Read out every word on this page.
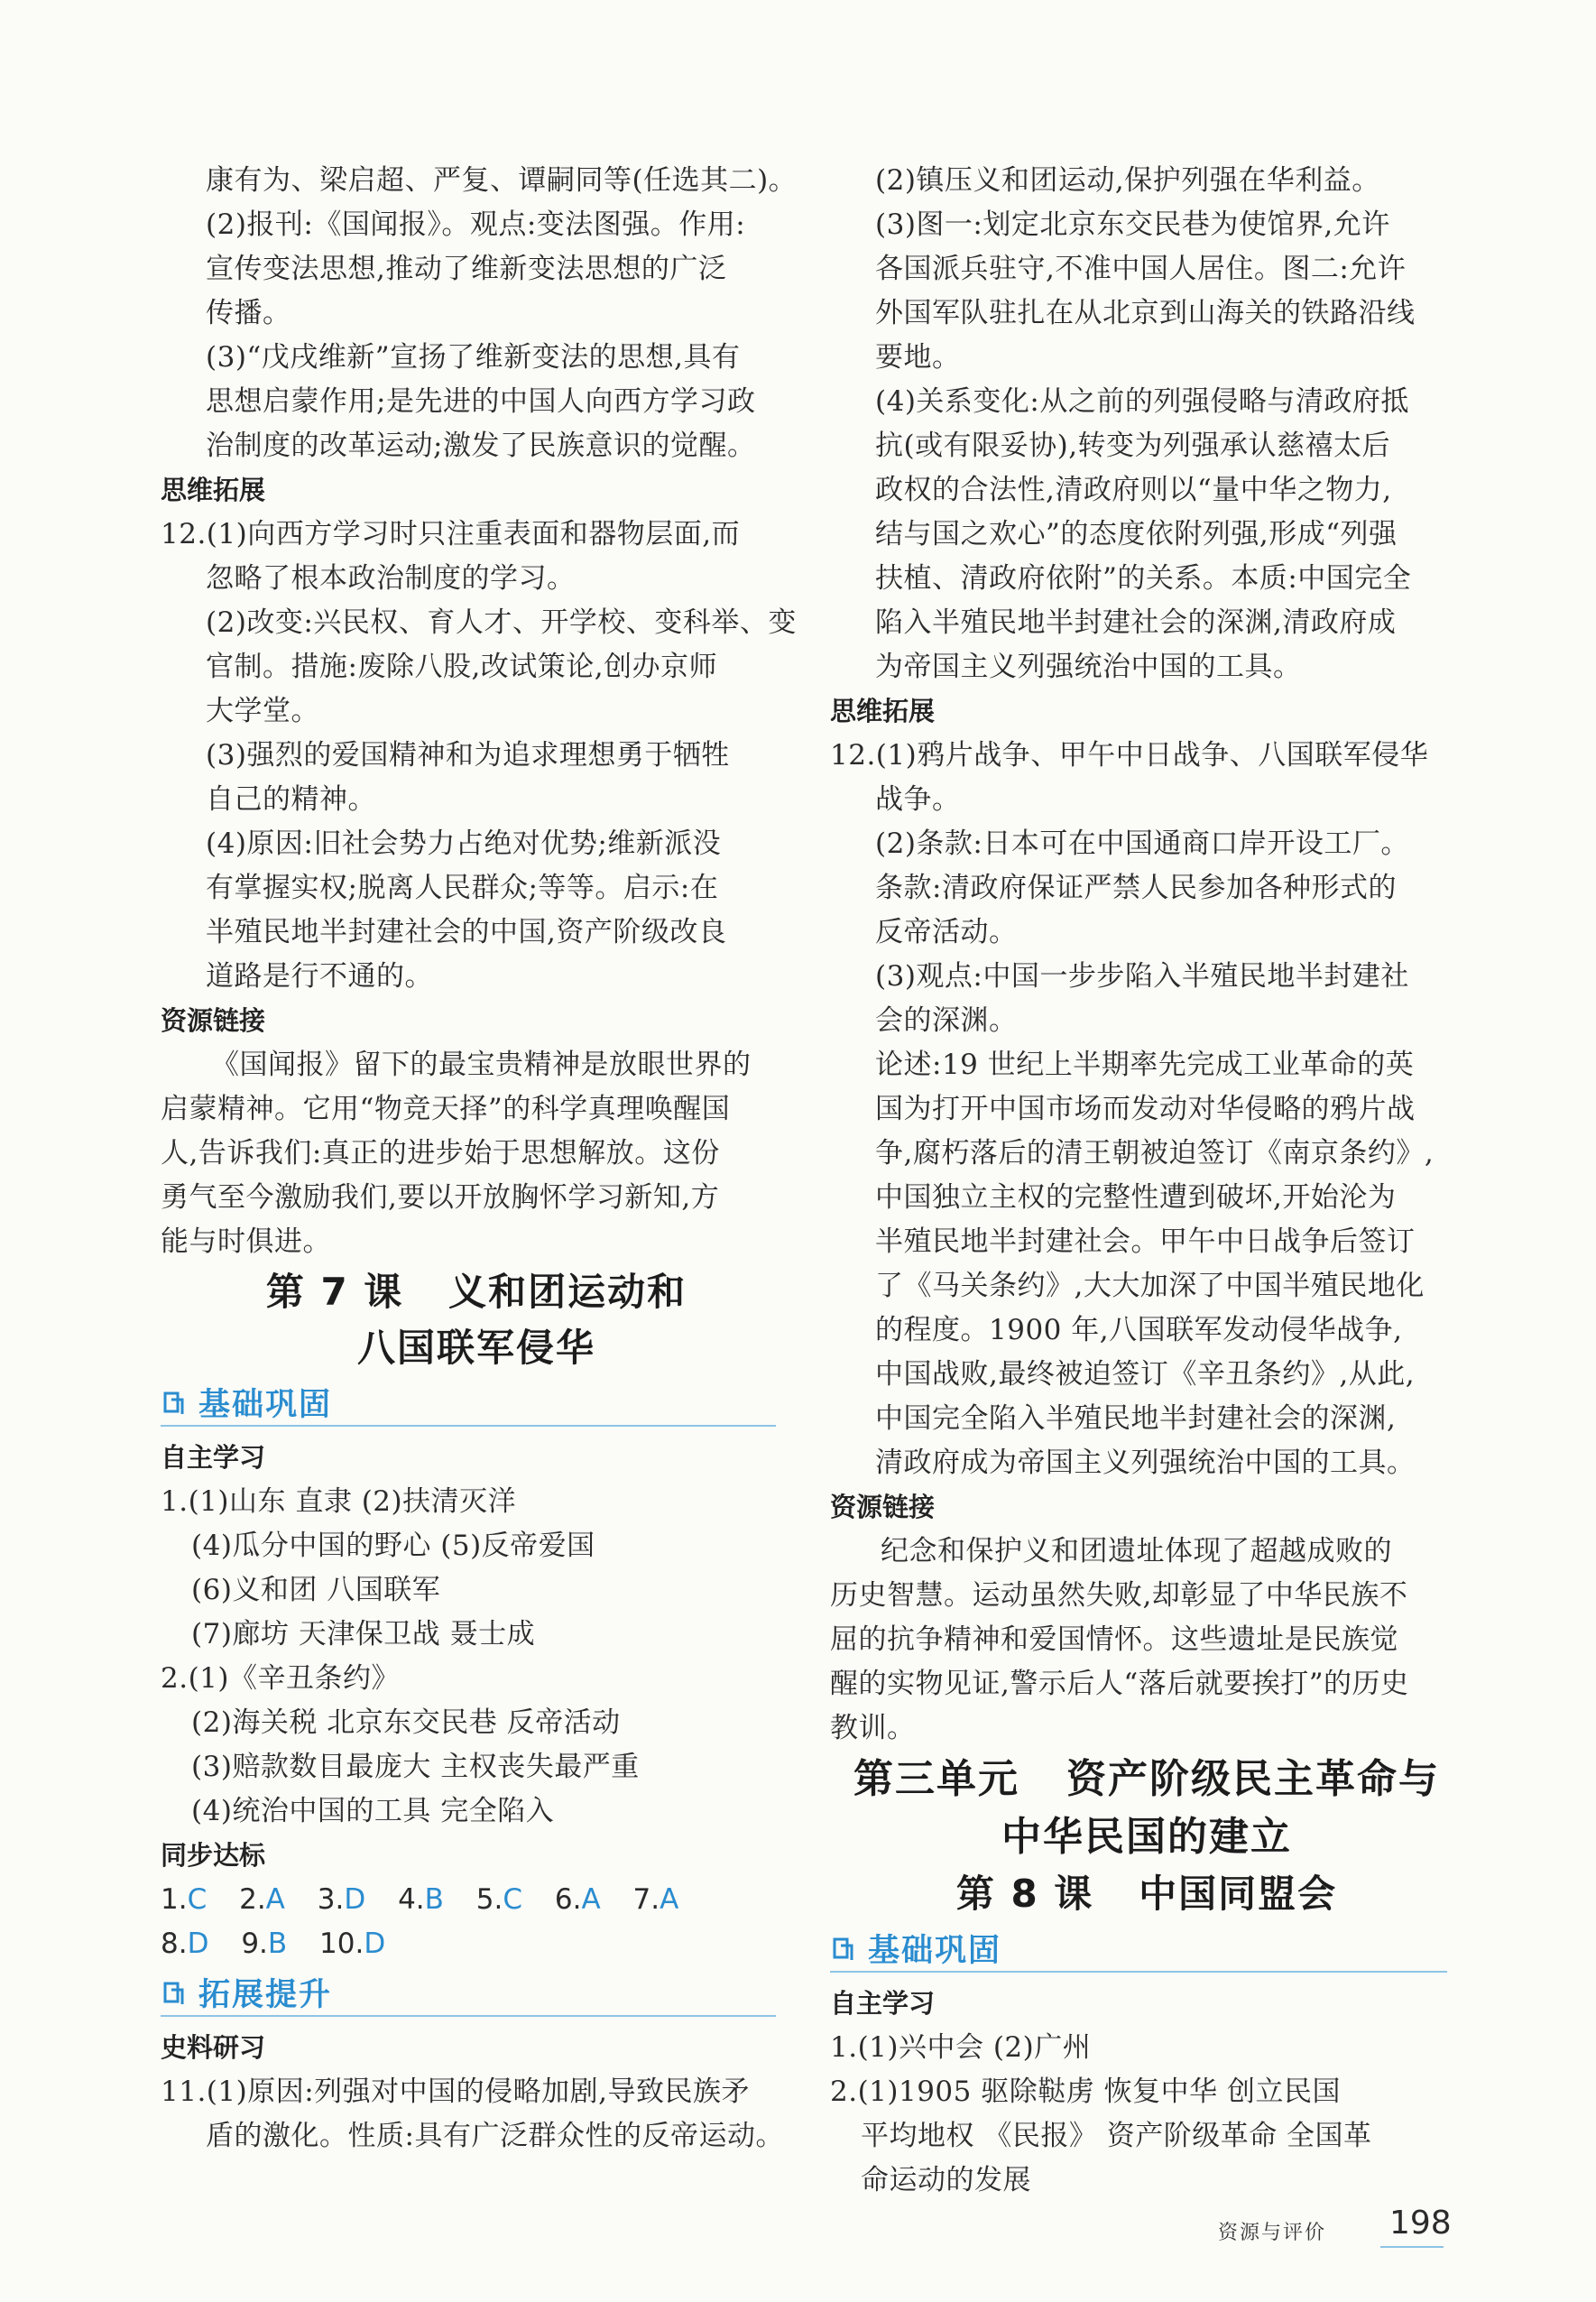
康有为、梁启超、严复、谭嗣同等(任选其二)。
(2)报刊:《国闻报》。观点:变法图强。作用:
宣传变法思想,推动了维新变法思想的广泛
传播。
(3)“戊戌维新”宣扬了维新变法的思想,具有
思想启蒙作用;是先进的中国人向西方学习政
治制度的改革运动;激发了民族意识的觉醒。
思维拓展
12.(1)向西方学习时只注重表面和器物层面,而
忽略了根本政治制度的学习。
(2)改变:兴民权、育人才、开学校、变科举、变
官制。措施:废除八股,改试策论,创办京师
大学堂。
(3)强烈的爱国精神和为追求理想勇于牺牲
自己的精神。
(4)原因:旧社会势力占绝对优势;维新派没
有掌握实权;脱离人民群众;等等。启示:在
半殖民地半封建社会的中国,资产阶级改良
道路是行不通的。
资源链接
《国闻报》留下的最宝贵精神是放眼世界的
启蒙精神。它用“物竞天择”的科学真理唤醒国
人,告诉我们:真正的进步始于思想解放。这份
勇气至今激励我们,要以开放胸怀学习新知,方
能与时俱进。
第 7 课   义和团运动和
八国联军侵华
基础巩固
自主学习
1.(1)山东 直隶 (2)扶清灭洋
(4)瓜分中国的野心 (5)反帝爱国
(6)义和团 八国联军
(7)廊坊 天津保卫战 聂士成
2.(1)《辛丑条约》
(2)海关税 北京东交民巷 反帝活动
(3)赔款数目最庞大 主权丧失最严重
(4)统治中国的工具 完全陷入
同步达标
1.C 2.A 3.D 4.B 5.C 6.A 7.A
8.D 9.B 10.D
拓展提升
史料研习
11.(1)原因:列强对中国的侵略加剧,导致民族矛
盾的激化。性质:具有广泛群众性的反帝运动。
(2)镇压义和团运动,保护列强在华利益。
(3)图一:划定北京东交民巷为使馆界,允许
各国派兵驻守,不准中国人居住。图二:允许
外国军队驻扎在从北京到山海关的铁路沿线
要地。
(4)关系变化:从之前的列强侵略与清政府抵
抗(或有限妥协),转变为列强承认慈禧太后
政权的合法性,清政府则以“量中华之物力,
结与国之欢心”的态度依附列强,形成“列强
扶植、清政府依附”的关系。本质:中国完全
陷入半殖民地半封建社会的深渊,清政府成
为帝国主义列强统治中国的工具。
思维拓展
12.(1)鸦片战争、甲午中日战争、八国联军侵华
战争。
(2)条款:日本可在中国通商口岸开设工厂。
条款:清政府保证严禁人民参加各种形式的
反帝活动。
(3)观点:中国一步步陷入半殖民地半封建社
会的深渊。
论述:19 世纪上半期率先完成工业革命的英
国为打开中国市场而发动对华侵略的鸦片战
争,腐朽落后的清王朝被迫签订《南京条约》,
中国独立主权的完整性遭到破坏,开始沦为
半殖民地半封建社会。甲午中日战争后签订
了《马关条约》,大大加深了中国半殖民地化
的程度。1900 年,八国联军发动侵华战争,
中国战败,最终被迫签订《辛丑条约》,从此,
中国完全陷入半殖民地半封建社会的深渊,
清政府成为帝国主义列强统治中国的工具。
资源链接
纪念和保护义和团遗址体现了超越成败的
历史智慧。运动虽然失败,却彰显了中华民族不
屈的抗争精神和爱国情怀。这些遗址是民族觉
醒的实物见证,警示后人“落后就要挨打”的历史
教训。
第三单元   资产阶级民主革命与
中华民国的建立
第 8 课   中国同盟会
基础巩固
自主学习
1.(1)兴中会 (2)广州
2.(1)1905 驱除鞑虏 恢复中华 创立民国
平均地权 《民报》 资产阶级革命 全国革
命运动的发展
资源与评价 198
